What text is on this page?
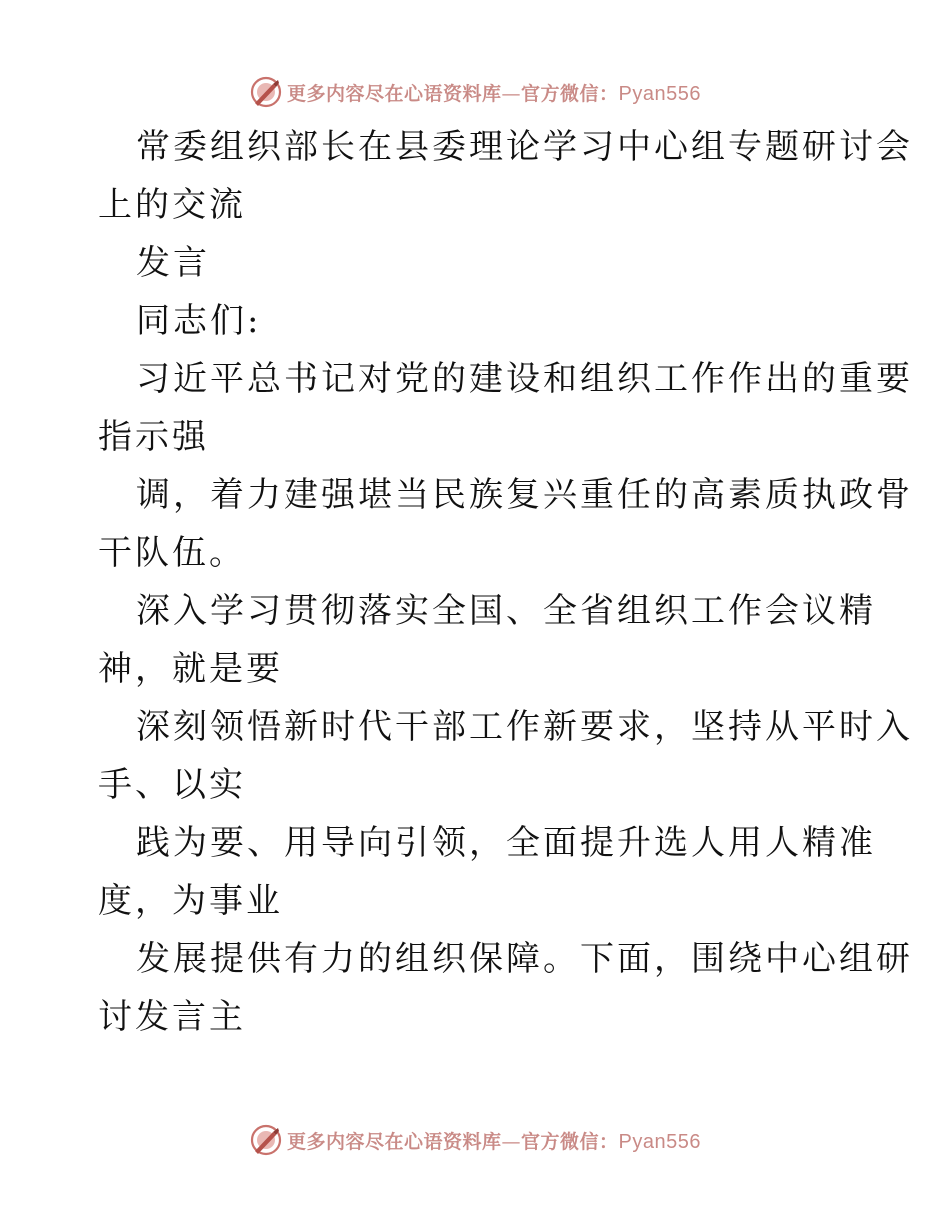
更多内容尽在心语资料库—官方微信：Pyan556

常委组织部长在县委理论学习中心组专题研讨会

上的交流

发言

同志们:

习近平总书记对党的建设和组织工作作出的重要

指示强

调，着力建强堪当民族复兴重任的高素质执政骨

干队伍。

深入学习贯彻落实全国、全省组织工作会议精

神，就是要

深刻领悟新时代干部工作新要求，坚持从平时入

手、以实

践为要、用导向引领，全面提升选人用人精准

度，为事业

发展提供有力的组织保障。下面，围绕中心组研

讨发言主

更多内容尽在心语资料库—官方微信：Pyan556
